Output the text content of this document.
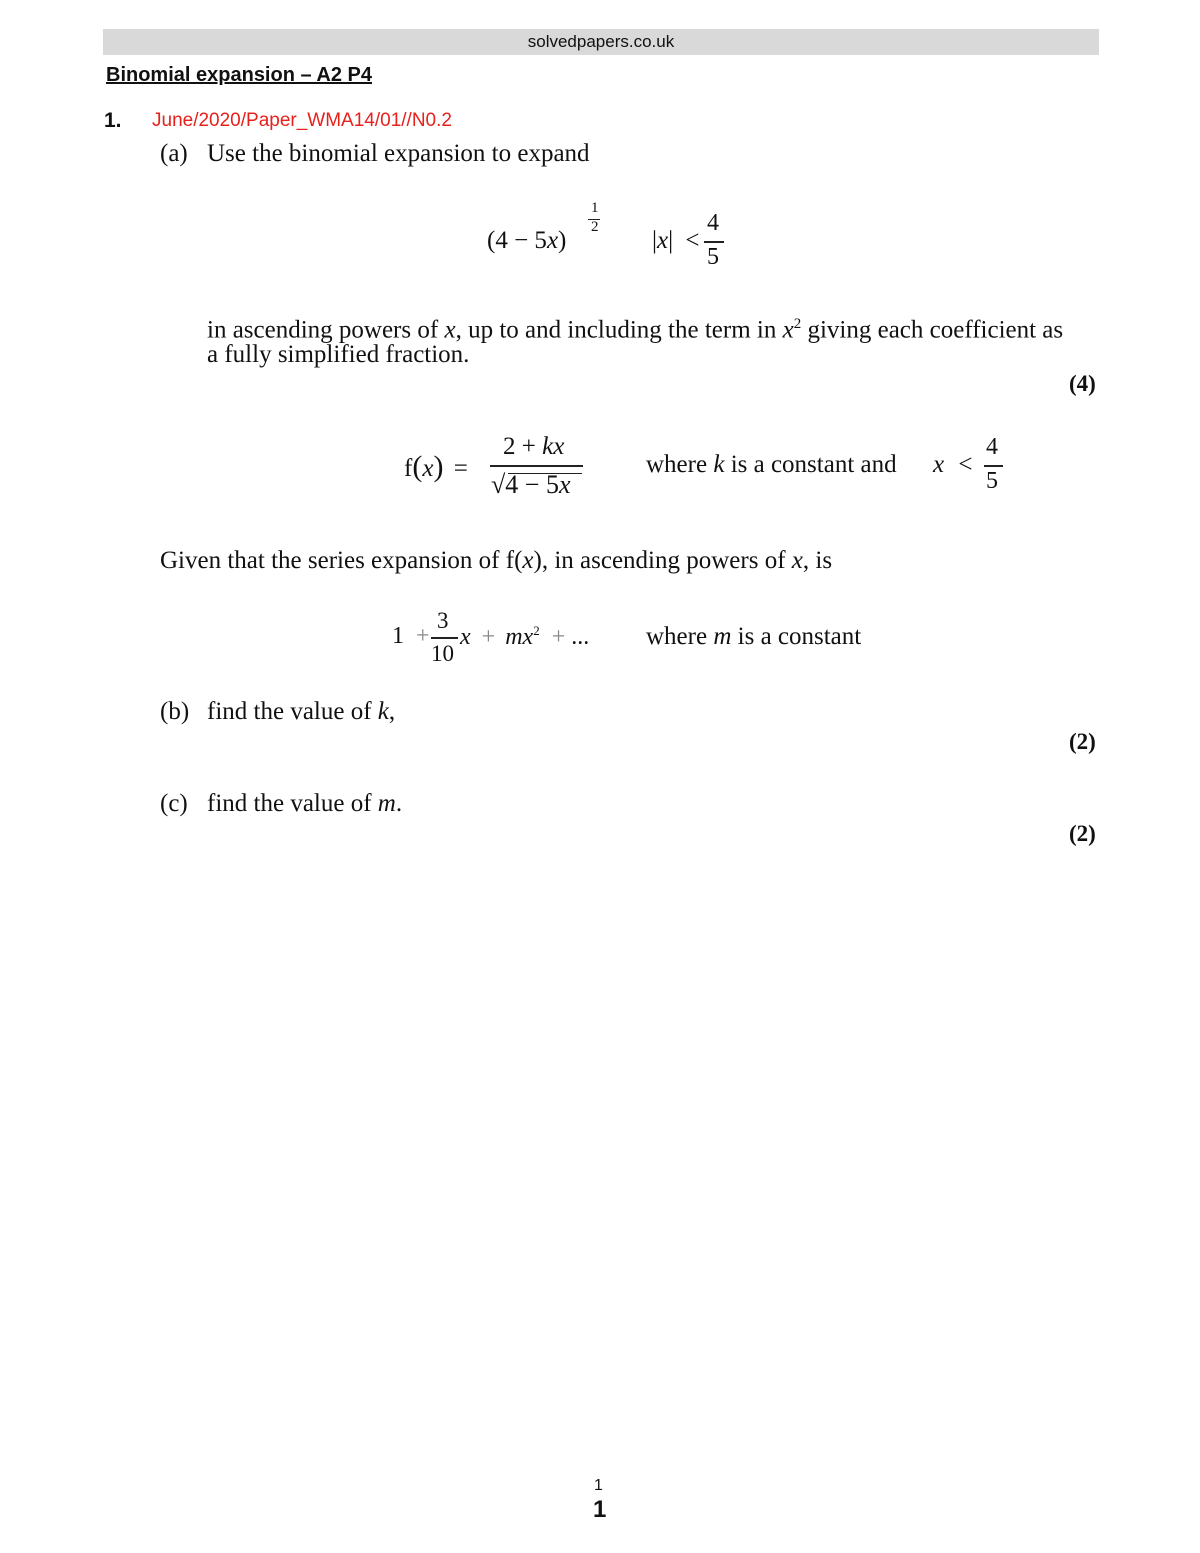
solvedpapers.co.uk
Binomial expansion – A2 P4
1. June/2020/Paper_WMA14/01//N0.2
(a) Use the binomial expansion to expand
(4 − 5x)
1
2 |x| <
4
5
in ascending powers of x, up to and including the term in $x^2$ giving each coefficient as
a fully simplified fraction.
(4)
f(x) =
2 + kx
√4 − 5x
where k is a constant and x <
4
5
Given that the series expansion of f(x), in ascending powers of x, is
1 +
3
10
$x + mx^2$ + ... where m is a constant
(b) find the value of k,
(2)
(c) find the value of m.
(2)
1
1
